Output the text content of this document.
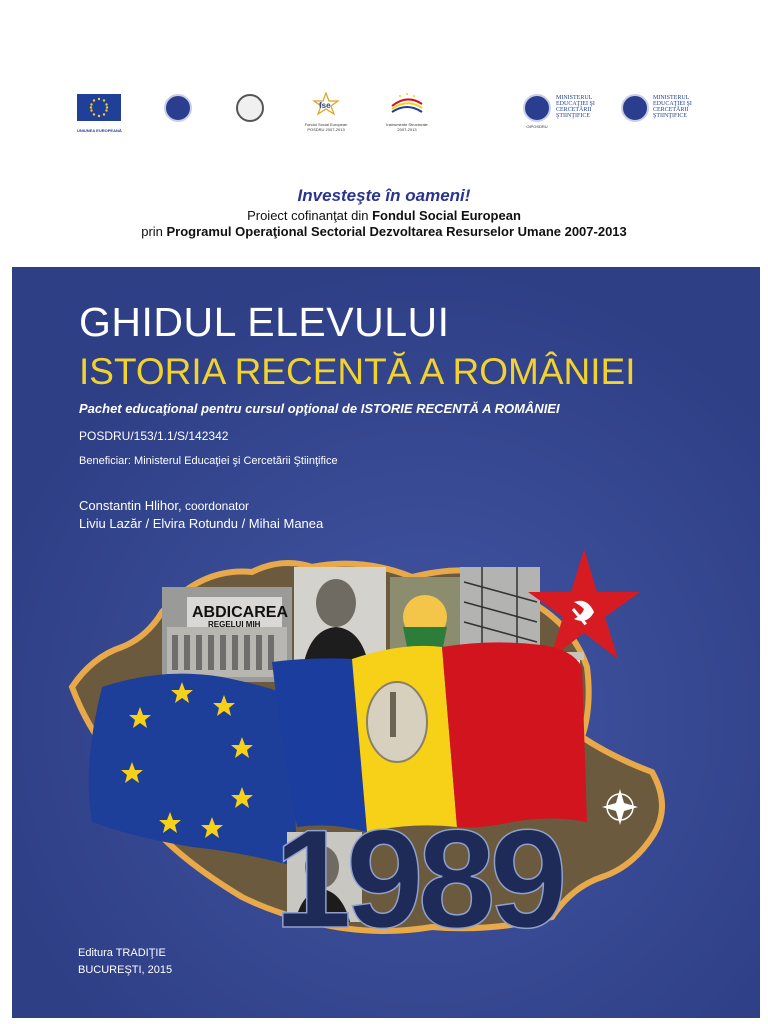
UNIUNEA EUROPEANĂ
fse
Fondul Social European
POSDRU 2007-2013
Instrumente Structurale
2007-2013
OIPOSDRU
MINISTERUL
EDUCAŢIEI ŞI
CERCETĂRII
ŞTIINŢIFICE
MINISTERUL
EDUCAŢIEI ŞI
CERCETĂRII
ŞTIINŢIFICE

Investeşte în oameni!

Proiect cofinanţat din Fondul Social European

prin Programul Operaţional Sectorial Dezvoltarea Resurselor Umane 2007-2013

ABDICAREA
REGELUI MIH
1989
GHIDUL ELEVULUI
ISTORIA RECENTĂ A ROMÂNIEI
Pachet educaţional pentru cursul opţional de ISTORIE RECENTĂ A ROMÂNIEI
POSDRU/153/1.1/S/142342
Beneficiar: Ministerul Educaţiei şi Cercetării Ştiinţifice
Constantin Hlihor, coordonator
Liviu Lazăr / Elvira Rotundu / Mihai Manea
Editura TRADIŢIE
BUCUREŞTI, 2015
